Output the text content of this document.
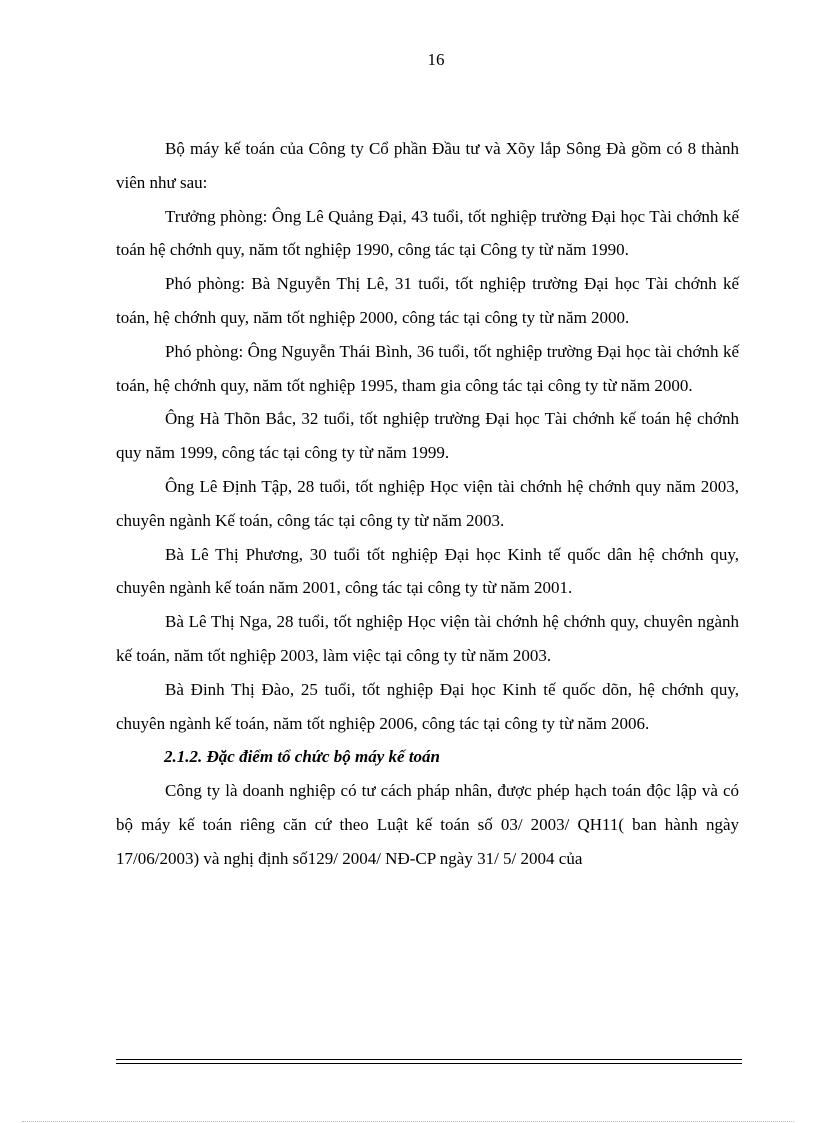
16

Bộ máy kế toán của Công ty Cổ phần Đầu tư và Xõy lắp Sông Đà gồm có 8 thành viên như sau:

Trưởng phòng: Ông Lê Quảng Đại, 43 tuổi, tốt nghiệp trường Đại học Tài chớnh kế toán hệ chớnh quy, năm tốt nghiệp 1990, công tác tại Công ty từ năm 1990.

Phó phòng: Bà Nguyễn Thị Lê, 31 tuổi, tốt nghiệp trường Đại học Tài chớnh kế toán, hệ chớnh quy, năm tốt nghiệp 2000, công tác tại công ty từ năm 2000.

Phó phòng: Ông Nguyễn Thái Bình, 36 tuổi, tốt nghiệp trường Đại học tài chớnh kế toán, hệ chớnh quy, năm tốt nghiệp 1995, tham gia công tác tại công ty từ năm 2000.

Ông Hà Thõn Bắc, 32 tuổi, tốt nghiệp trường Đại học Tài chớnh kế toán hệ chớnh quy năm 1999, công tác tại công ty từ năm 1999.

Ông Lê Định Tập, 28 tuổi, tốt nghiệp Học viện tài chớnh hệ chớnh quy năm 2003, chuyên ngành Kế toán, công tác tại công ty từ năm 2003.

Bà Lê Thị Phương, 30 tuổi tốt nghiệp Đại học Kinh tế quốc dân hệ chớnh quy, chuyên ngành kế toán năm 2001, công tác tại công ty từ năm 2001.

Bà Lê Thị Nga, 28 tuổi, tốt nghiệp Học viện tài chớnh hệ chớnh quy, chuyên ngành kế toán, năm tốt nghiệp 2003, làm việc tại công ty từ năm 2003.

Bà Đinh Thị Đào, 25 tuổi, tốt nghiệp Đại học Kinh tế quốc dõn, hệ chớnh quy, chuyên ngành kế toán, năm tốt nghiệp 2006, công tác tại công ty từ năm 2006.

2.1.2. Đặc điểm tổ chức bộ máy kế toán

Công ty là doanh nghiệp có tư cách pháp nhân, được phép hạch toán độc lập và có bộ máy kế toán riêng căn cứ theo Luật kế toán số 03/ 2003/ QH11( ban hành ngày 17/06/2003) và nghị định số129/ 2004/ NĐ-CP ngày 31/ 5/ 2004 của
